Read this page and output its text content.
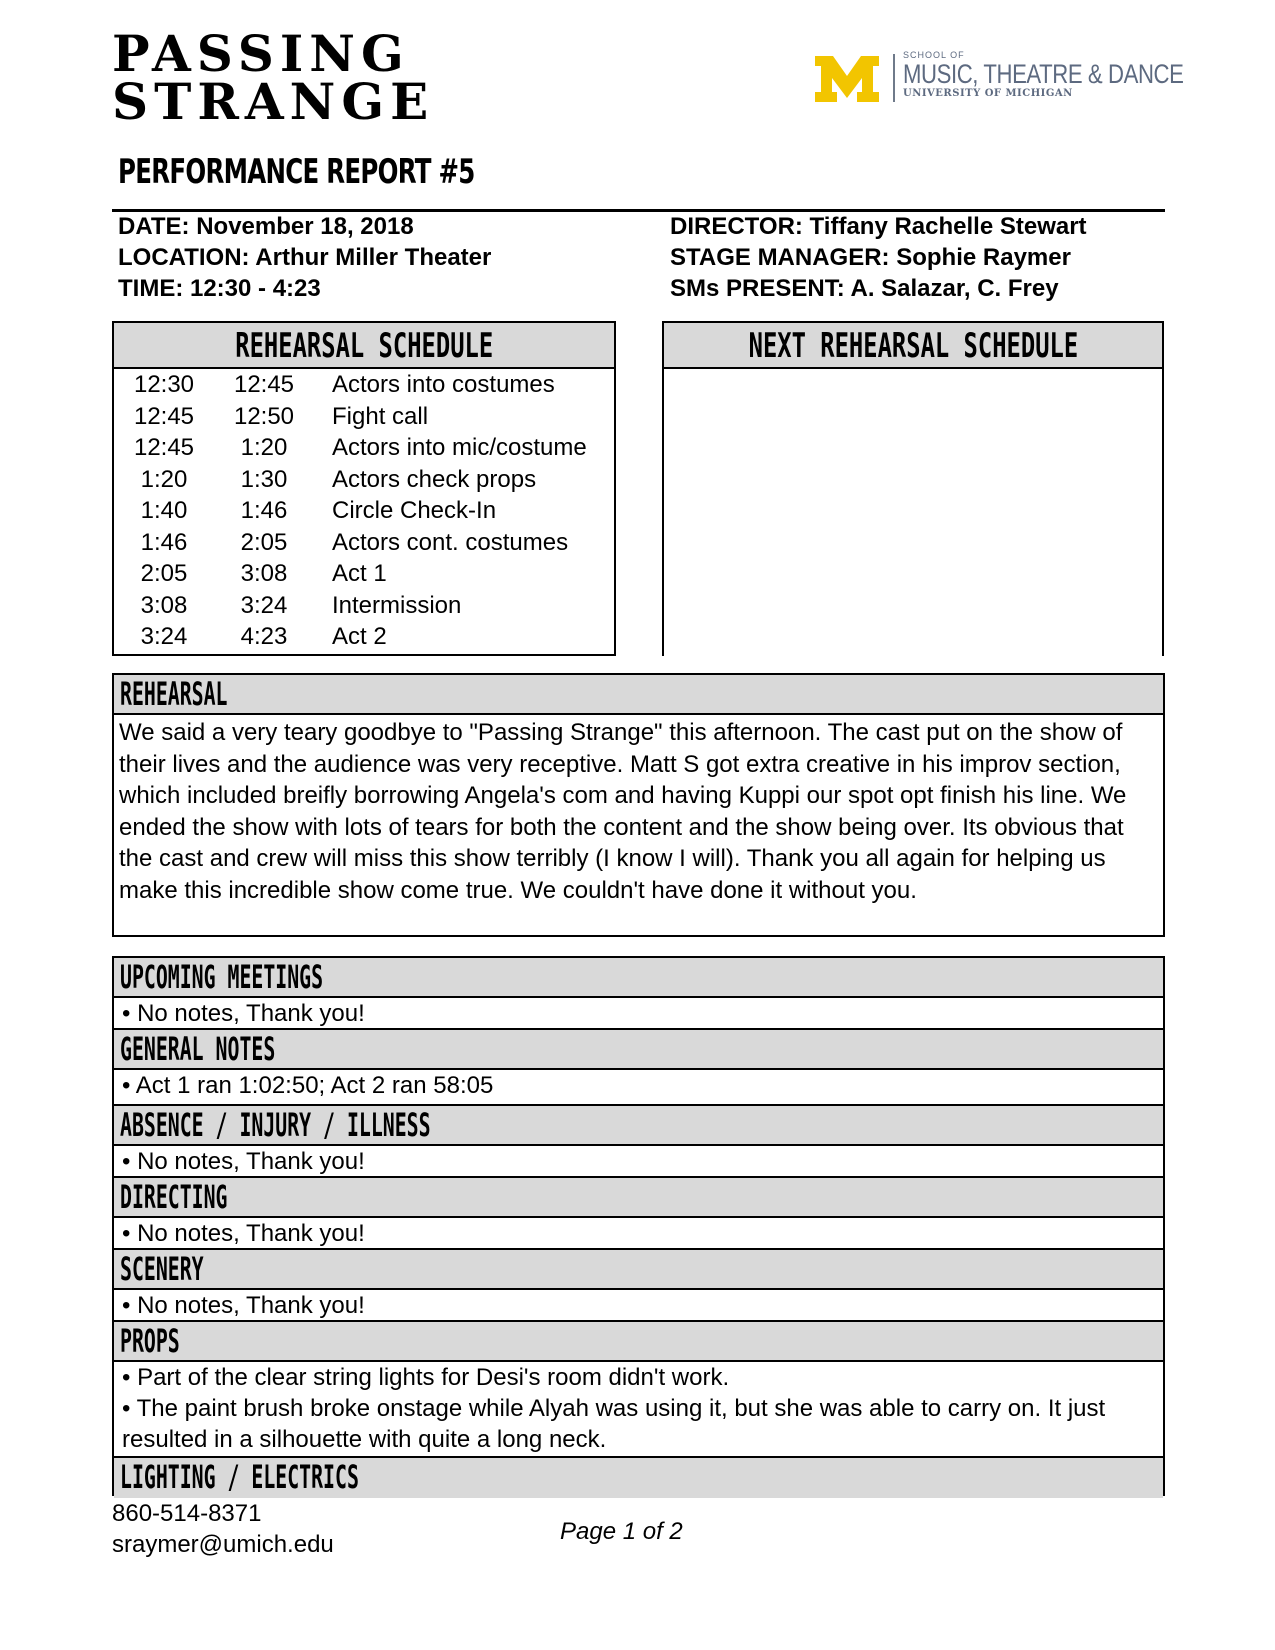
PASSING
STRANGE
SCHOOL OF
MUSIC, THEATRE & DANCE
UNIVERSITY OF MICHIGAN
PERFORMANCE REPORT #5
DATE: November 18, 2018
LOCATION: Arthur Miller Theater
TIME: 12:30 - 4:23
DIRECTOR: Tiffany Rachelle Stewart
STAGE MANAGER: Sophie Raymer
SMs PRESENT: A. Salazar, C. Frey
REHEARSAL SCHEDULE
12:30	12:45	Actors into costumes
12:45	12:50	Fight call
12:45	1:20	Actors into mic/costume
1:20	1:30	Actors check props
1:40	1:46	Circle Check-In
1:46	2:05	Actors cont. costumes
2:05	3:08	Act 1
3:08	3:24	Intermission
3:24	4:23	Act 2
NEXT REHEARSAL SCHEDULE
REHEARSAL
We said a very teary goodbye to "Passing Strange" this afternoon. The cast put on the show of their lives and the audience was very receptive. Matt S got extra creative in his improv section, which included breifly borrowing Angela's com and having Kuppi our spot opt finish his line. We ended the show with lots of tears for both the content and the show being over. Its obvious that the cast and crew will miss this show terribly (I know I will). Thank you all again for helping us make this incredible show come true. We couldn't have done it without you.
UPCOMING MEETINGS
• No notes, Thank you!
GENERAL NOTES
• Act 1 ran 1:02:50; Act 2 ran 58:05
ABSENCE / INJURY / ILLNESS
• No notes, Thank you!
DIRECTING
• No notes, Thank you!
SCENERY
• No notes, Thank you!
PROPS
• Part of the clear string lights for Desi's room didn't work.
• The paint brush broke onstage while Alyah was using it, but she was able to carry on. It just resulted in a silhouette with quite a long neck.
LIGHTING / ELECTRICS
860-514-8371
sraymer@umich.edu	Page 1 of 2
